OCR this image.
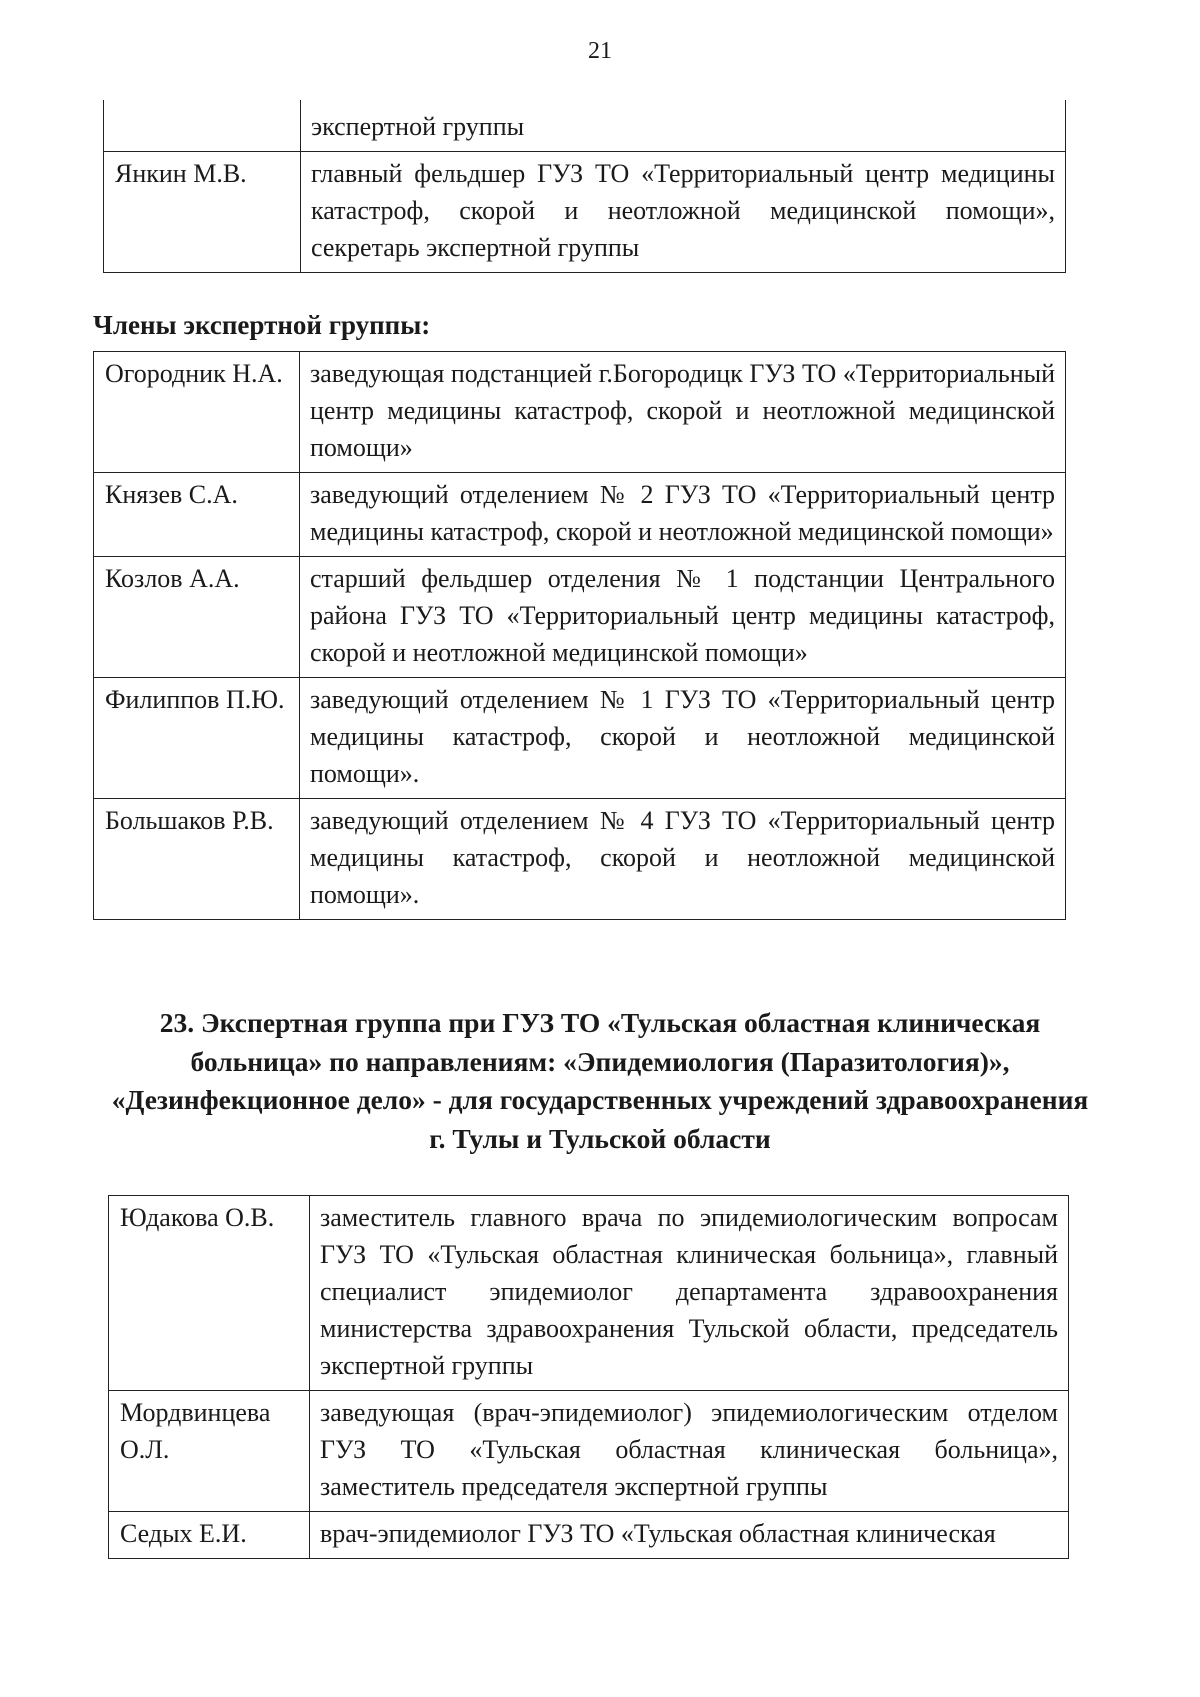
21
	экспертной группы
Янкин М.В.	главный фельдшер ГУЗ ТО «Территориальный центр медицины катастроф, скорой и неотложной медицинской помощи», секретарь экспертной группы
Члены экспертной группы:
Огородник Н.А.	заведующая подстанцией г.Богородицк ГУЗ ТО «Территориальный центр медицины катастроф, скорой и неотложной медицинской помощи»
Князев С.А.	заведующий отделением № 2 ГУЗ ТО «Территориальный центр медицины катастроф, скорой и неотложной медицинской помощи»
Козлов А.А.	старший фельдшер отделения № 1 подстанции Центрального района ГУЗ ТО «Территориальный центр медицины катастроф, скорой и неотложной медицинской помощи»
Филиппов П.Ю.	заведующий отделением № 1 ГУЗ ТО «Территориальный центр медицины катастроф, скорой и неотложной медицинской помощи».
Большаков Р.В.	заведующий отделением № 4 ГУЗ ТО «Территориальный центр медицины катастроф, скорой и неотложной медицинской помощи».
23. Экспертная группа при ГУЗ ТО «Тульская областная клиническая
больница» по направлениям: «Эпидемиология (Паразитология)»,
«Дезинфекционное дело» - для государственных учреждений здравоохранения
г. Тулы и Тульской области
Юдакова О.В.	заместитель главного врача по эпидемиологическим вопросам ГУЗ ТО «Тульская областная клиническая больница», главный специалист эпидемиолог департамента здравоохранения министерства здравоохранения Тульской области, председатель экспертной группы
Мордвинцева О.Л.	заведующая (врач-эпидемиолог) эпидемиологическим отделом ГУЗ ТО «Тульская областная клиническая больница», заместитель председателя экспертной группы
Седых Е.И.	врач-эпидемиолог ГУЗ ТО «Тульская областная клиническая
